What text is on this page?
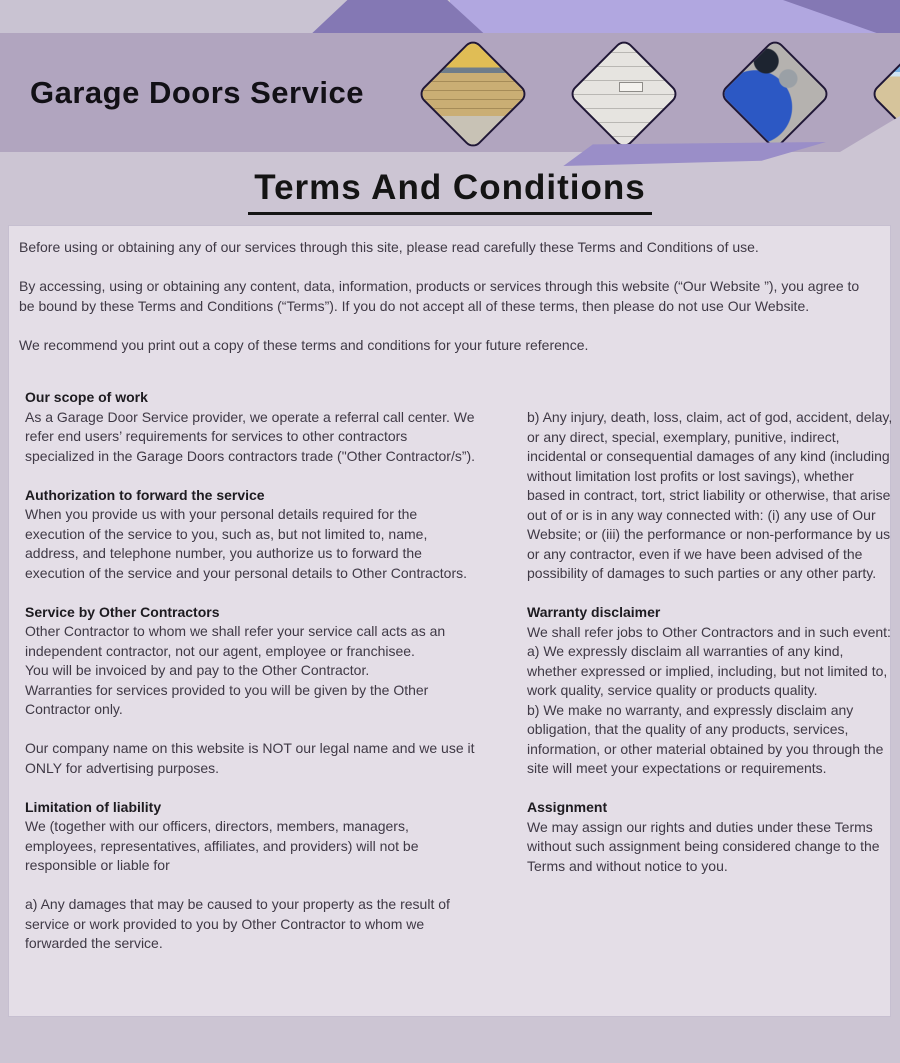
Garage Doors Service
Terms And Conditions

Before using or obtaining any of our services through this site, please read carefully these Terms and Conditions of use.

By accessing, using or obtaining any content, data, information, products or services through this website (“Our Website ”), you agree to be bound by these Terms and Conditions (“Terms”). If you do not accept all of these terms, then please do not use Our Website.

We recommend you print out a copy of these terms and conditions for your future reference.

Our scope of work

As a Garage Door Service provider, we operate a referral call center. We refer end users’ requirements for services to other contractors specialized in the Garage Doors contractors trade ("Other Contractor/s”).

Authorization to forward the service

When you provide us with your personal details required for the execution of the service to you, such as, but not limited to, name, address, and telephone number, you authorize us to forward the execution of the service and your personal details to Other Contractors.

Service by Other Contractors

Other Contractor to whom we shall refer your service call acts as an independent contractor, not our agent, employee or franchisee.

You will be invoiced by and pay to the Other Contractor.

Warranties for services provided to you will be given by the Other Contractor only.

Our company name on this website is NOT our legal name and we use it ONLY for advertising purposes.

Limitation of liability

We (together with our officers, directors, members, managers, employees, representatives, affiliates, and providers) will not be responsible or liable for

a) Any damages that may be caused to your property as the result of service or work provided to you by Other Contractor to whom we forwarded the service.

b) Any injury, death, loss, claim, act of god, accident, delay, or any direct, special, exemplary, punitive, indirect, incidental or consequential damages of any kind (including without limitation lost profits or lost savings), whether based in contract, tort, strict liability or otherwise, that arise out of or is in any way connected with: (i) any use of Our Website; or (iii) the performance or non-performance by us or any contractor, even if we have been advised of the possibility of damages to such parties or any other party.

Warranty disclaimer

We shall refer jobs to Other Contractors and in such event:

a) We expressly disclaim all warranties of any kind, whether expressed or implied, including, but not limited to, work quality, service quality or products quality.

b) We make no warranty, and expressly disclaim any obligation, that the quality of any products, services, information, or other material obtained by you through the site will meet your expectations or requirements.

Assignment

We may assign our rights and duties under these Terms without such assignment being considered change to the Terms and without notice to you.
